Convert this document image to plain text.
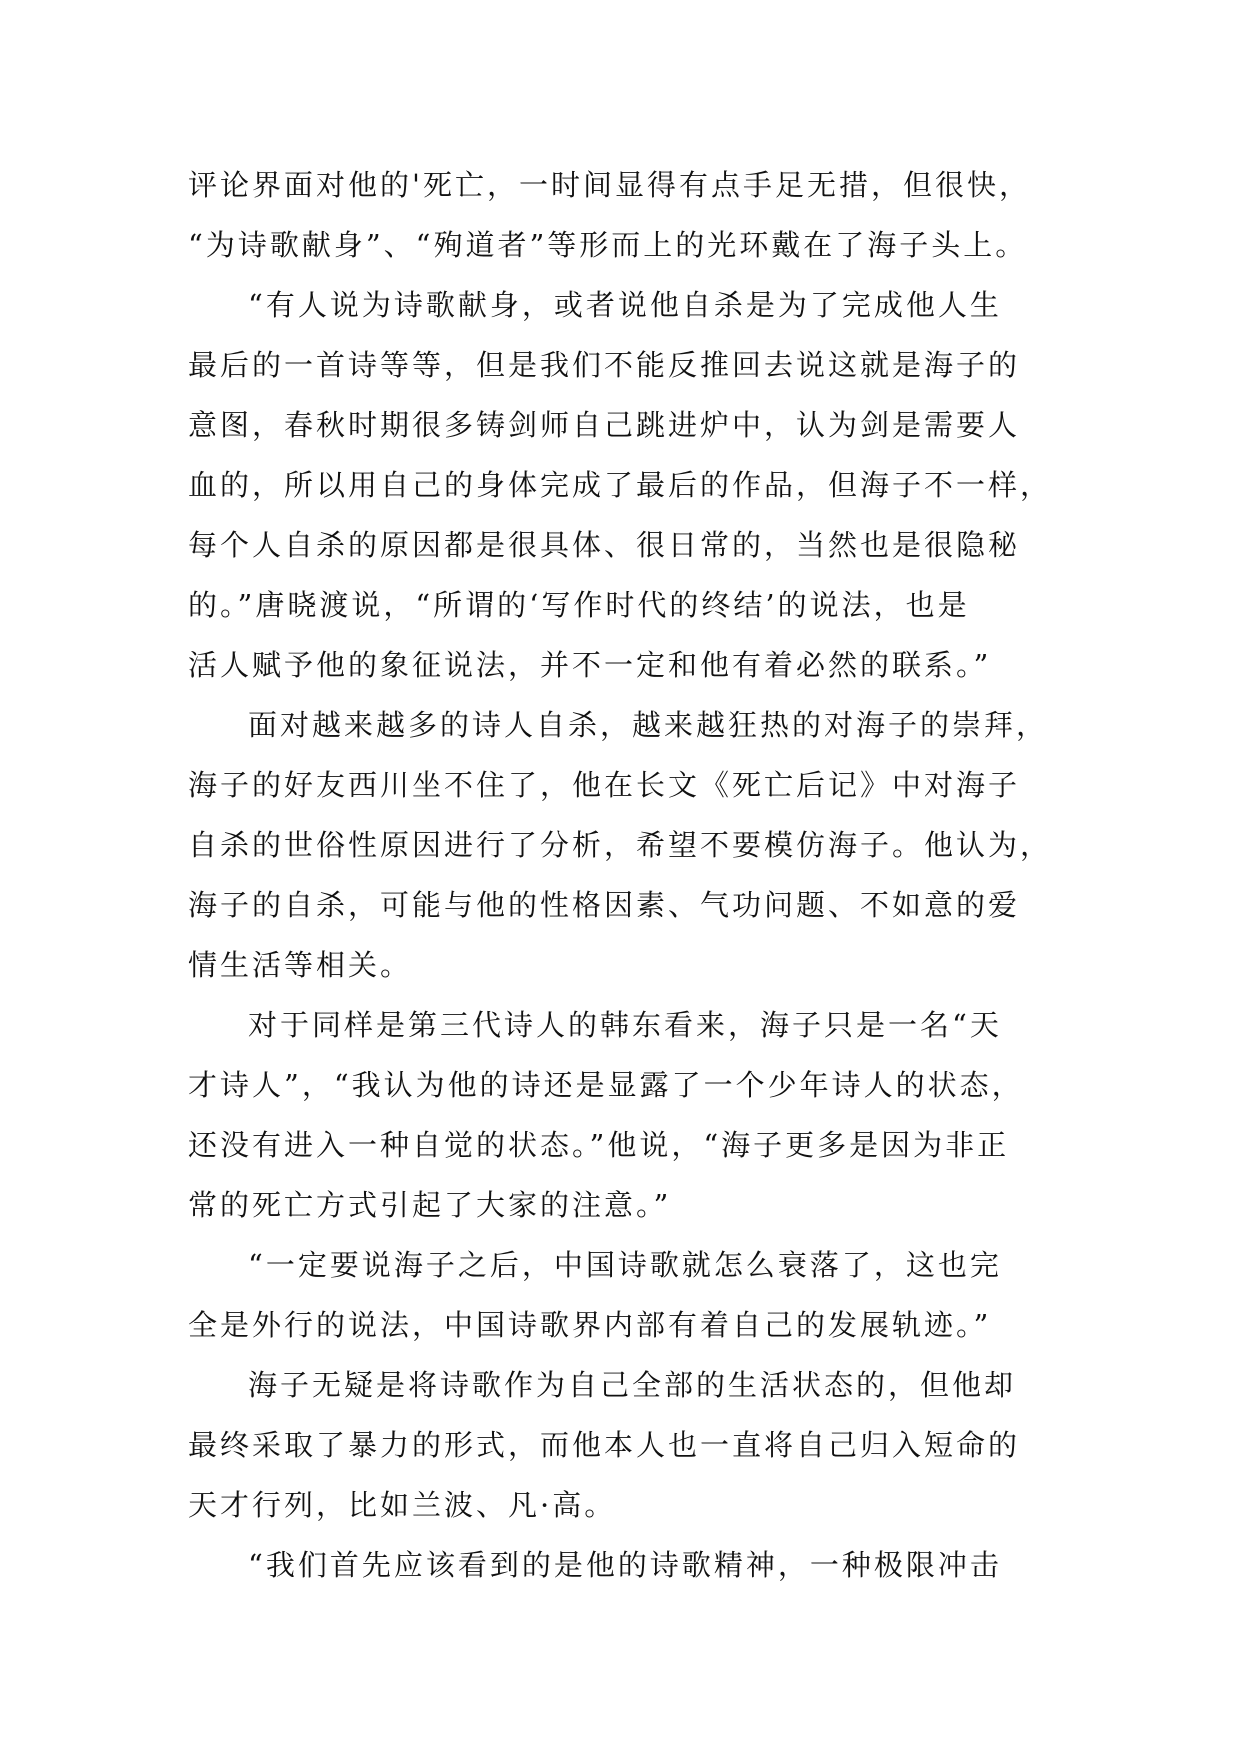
评论界面对他的'死亡，一时间显得有点手足无措，但很快，
“为诗歌献身”、“殉道者”等形而上的光环戴在了海子头上。
“有人说为诗歌献身，或者说他自杀是为了完成他人生
最后的一首诗等等，但是我们不能反推回去说这就是海子的
意图，春秋时期很多铸剑师自己跳进炉中，认为剑是需要人
血的，所以用自己的身体完成了最后的作品，但海子不一样，
每个人自杀的原因都是很具体、很日常的，当然也是很隐秘
的。”唐晓渡说，“所谓的‘写作时代的终结’的说法，也是
活人赋予他的象征说法，并不一定和他有着必然的联系。”
面对越来越多的诗人自杀，越来越狂热的对海子的崇拜，
海子的好友西川坐不住了，他在长文《死亡后记》中对海子
自杀的世俗性原因进行了分析，希望不要模仿海子。他认为，
海子的自杀，可能与他的性格因素、气功问题、不如意的爱
情生活等相关。
对于同样是第三代诗人的韩东看来，海子只是一名“天
才诗人”，“我认为他的诗还是显露了一个少年诗人的状态，
还没有进入一种自觉的状态。”他说，“海子更多是因为非正
常的死亡方式引起了大家的注意。”
“一定要说海子之后，中国诗歌就怎么衰落了，这也完
全是外行的说法，中国诗歌界内部有着自己的发展轨迹。”
海子无疑是将诗歌作为自己全部的生活状态的，但他却
最终采取了暴力的形式，而他本人也一直将自己归入短命的
天才行列，比如兰波、凡·高。
“我们首先应该看到的是他的诗歌精神，一种极限冲击
